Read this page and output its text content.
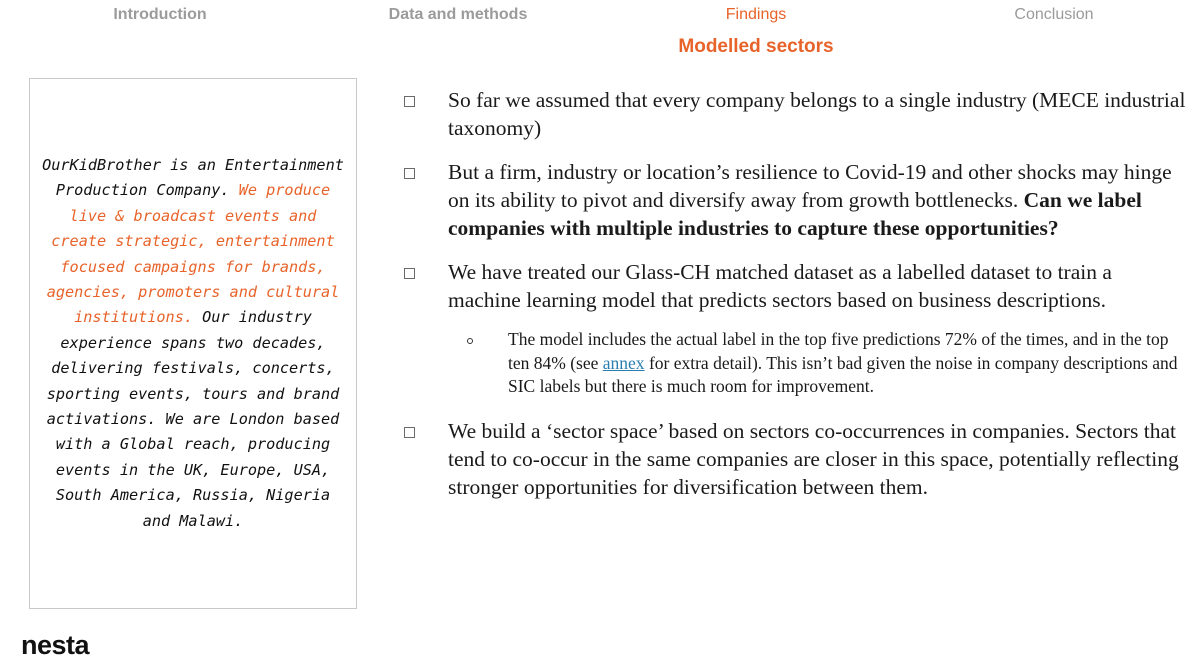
Introduction	Data and methods	Findings	Conclusion
Modelled sectors

OurKidBrother is an Entertainment Production Company. We produce live & broadcast events and create strategic, entertainment focused campaigns for brands, agencies, promoters and cultural institutions. Our industry experience spans two decades, delivering festivals, concerts, sporting events, tours and brand activations. We are London based with a Global reach, producing events in the UK, Europe, USA, South America, Russia, Nigeria and Malawi.

So far we assumed that every company belongs to a single industry (MECE industrial taxonomy)
But a firm, industry or location’s resilience to Covid-19 and other shocks may hinge on its ability to pivot and diversify away from growth bottlenecks. Can we label companies with multiple industries to capture these opportunities?
We have treated our Glass-CH matched dataset as a labelled dataset to train a machine learning model that predicts sectors based on business descriptions.
The model includes the actual label in the top five predictions 72% of the times, and in the top ten 84% (see annex for extra detail). This isn’t bad given the noise in company descriptions and SIC labels but there is much room for improvement.
We build a ‘sector space’ based on sectors co-occurrences in companies. Sectors that tend to co-occur in the same companies are closer in this space, potentially reflecting stronger opportunities for diversification between them.
nesta
